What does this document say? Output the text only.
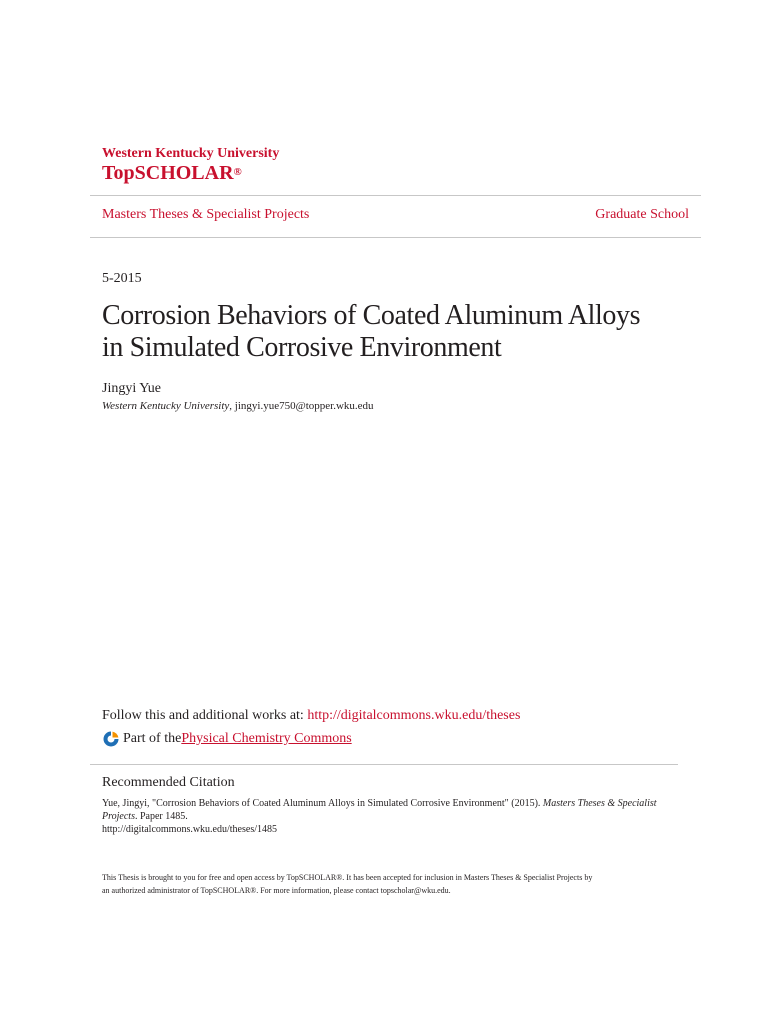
Western Kentucky University
TopSCHOLAR®
Masters Theses & Specialist Projects	Graduate School
5-2015
Corrosion Behaviors of Coated Aluminum Alloys
in Simulated Corrosive Environment
Jingyi Yue
Western Kentucky University, jingyi.yue750@topper.wku.edu
Follow this and additional works at: http://digitalcommons.wku.edu/theses
Part of the Physical Chemistry Commons
Recommended Citation
Yue, Jingyi, "Corrosion Behaviors of Coated Aluminum Alloys in Simulated Corrosive Environment" (2015). Masters Theses & Specialist Projects. Paper 1485.
http://digitalcommons.wku.edu/theses/1485
This Thesis is brought to you for free and open access by TopSCHOLAR®. It has been accepted for inclusion in Masters Theses & Specialist Projects by
an authorized administrator of TopSCHOLAR®. For more information, please contact topscholar@wku.edu.
